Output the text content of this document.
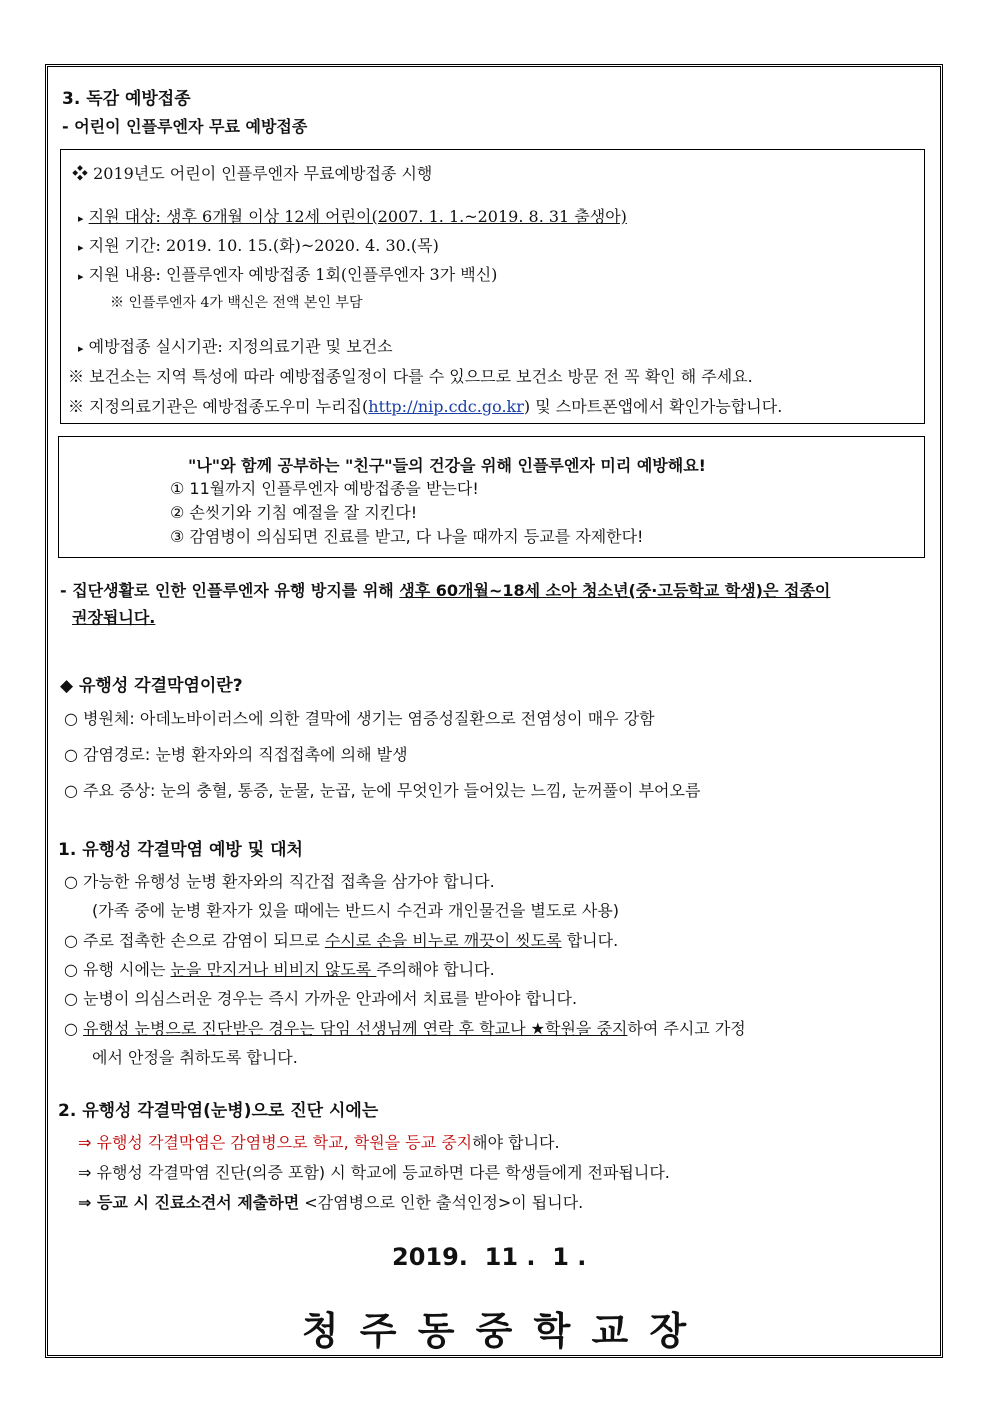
3. 독감 예방접종
- 어린이 인플루엔자 무료 예방접종
❖ 2019년도 어린이 인플루엔자 무료예방접종 시행
▸ 지원 대상: 생후 6개월 이상 12세 어린이(2007. 1. 1.~2019. 8. 31 출생아)
▸ 지원 기간: 2019. 10. 15.(화)~2020. 4. 30.(목)
▸ 지원 내용: 인플루엔자 예방접종 1회(인플루엔자 3가 백신)
※ 인플루엔자 4가 백신은 전액 본인 부담
▸ 예방접종 실시기관: 지정의료기관 및 보건소
※ 보건소는 지역 특성에 따라 예방접종일정이 다를 수 있으므로 보건소 방문 전 꼭 확인 해 주세요.
※ 지정의료기관은 예방접종도우미 누리집(http://nip.cdc.go.kr) 및 스마트폰앱에서 확인가능합니다.
"나"와 함께 공부하는 "친구"들의 건강을 위해 인플루엔자 미리 예방해요!
① 11월까지 인플루엔자 예방접종을 받는다!
② 손씻기와 기침 예절을 잘 지킨다!
③ 감염병이 의심되면 진료를 받고, 다 나을 때까지 등교를 자제한다!
- 집단생활로 인한 인플루엔자 유행 방지를 위해 생후 60개월~18세 소아 청소년(중·고등학교 학생)은 접종이
권장됩니다.
◆ 유행성 각결막염이란?
○ 병원체: 아데노바이러스에 의한 결막에 생기는 염증성질환으로 전염성이 매우 강함
○ 감염경로: 눈병 환자와의 직접접촉에 의해 발생
○ 주요 증상: 눈의 충혈, 통증, 눈물, 눈곱, 눈에 무엇인가 들어있는 느낌, 눈꺼풀이 부어오름
1. 유행성 각결막염 예방 및 대처
○ 가능한 유행성 눈병 환자와의 직간접 접촉을 삼가야 합니다.
(가족 중에 눈병 환자가 있을 때에는 반드시 수건과 개인물건을 별도로 사용)
○ 주로 접촉한 손으로 감염이 되므로 수시로 손을 비누로 깨끗이 씻도록 합니다.
○ 유행 시에는 눈을 만지거나 비비지 않도록 주의해야 합니다.
○ 눈병이 의심스러운 경우는 즉시 가까운 안과에서 치료를 받아야 합니다.
○ 유행성 눈병으로 진단받은 경우는 담임 선생님께 연락 후 학교나 ★학원을 중지하여 주시고 가정
에서 안정을 취하도록 합니다.
2. 유행성 각결막염(눈병)으로 진단 시에는
⇒ 유행성 각결막염은 감염병으로 학교, 학원을 등교 중지해야 합니다.
⇒ 유행성 각결막염 진단(의증 포함) 시 학교에 등교하면 다른 학생들에게 전파됩니다.
⇒ 등교 시 진료소견서 제출하면 <감염병으로 인한 출석인정>이 됩니다.
2019.  11 .  1 .
청 주 동 중 학 교 장
